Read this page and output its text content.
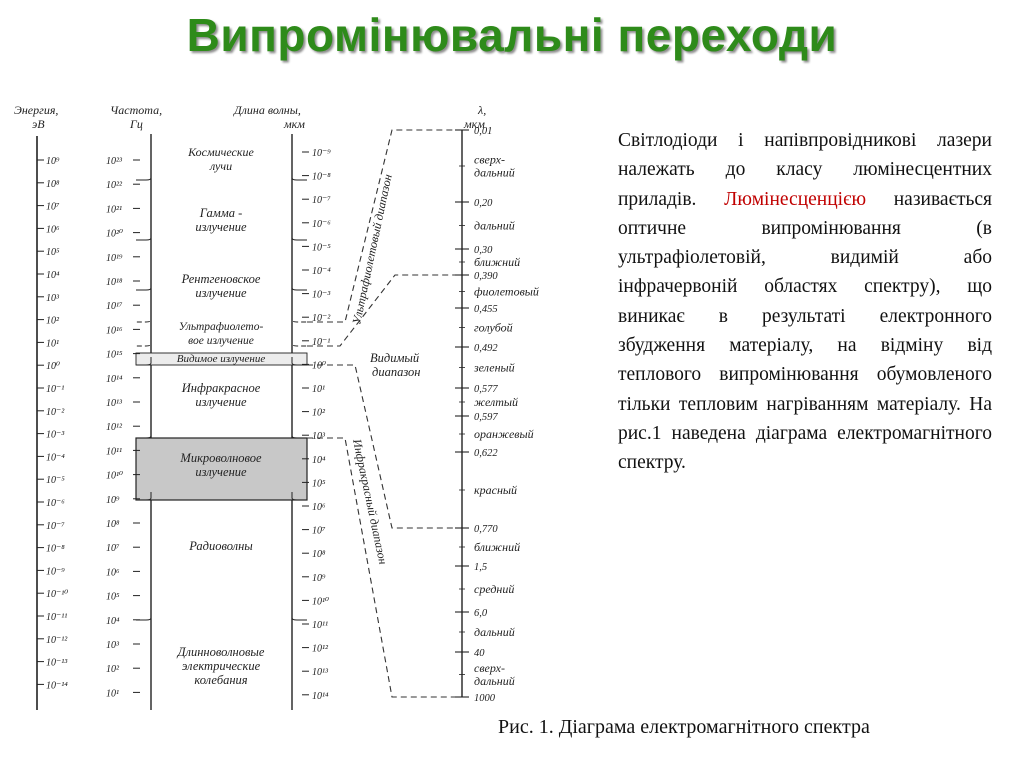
Випромінювальні переходи
Энергия,
эВ
Частота,
Гц
Длина волны,
мкм
λ,
мкм
10⁹
10⁸
10⁷
10⁶
10⁵
10⁴
10³
10²
10¹
10⁰
10⁻¹
10⁻²
10⁻³
10⁻⁴
10⁻⁵
10⁻⁶
10⁻⁷
10⁻⁸
10⁻⁹
10⁻¹⁰
10⁻¹¹
10⁻¹²
10⁻¹³
10⁻¹⁴
10²³
10²²
10²¹
10²⁰
10¹⁹
10¹⁸
10¹⁷
10¹⁶
10¹⁵
10¹⁴
10¹³
10¹²
10¹¹
10¹⁰
10⁹
10⁸
10⁷
10⁶
10⁵
10⁴
10³
10²
10¹
10⁻⁹
10⁻⁸
10⁻⁷
10⁻⁶
10⁻⁵
10⁻⁴
10⁻³
10⁻²
10⁻¹
10⁰
10¹
10²
10³
10⁴
10⁵
10⁶
10⁷
10⁸
10⁹
10¹⁰
10¹¹
10¹²
10¹³
10¹⁴
Космические
лучи
Гамма -
излучение
Рентгеновское
излучение
Ультрафиолето-
вое излучение
Видимое излучение
Инфракрасное
излучение
Микроволновое
излучение
Радиоволны
Длинноволновые
электрические
колебания
Ультрафиолетовый диапазон
Видимый
диапазон
Инфракрасный диапазон
0,01
0,20
0,30
0,390
0,455
0,492
0,577
0,597
0,622
0,770
1,5
6,0
40
1000
сверх-
дальний
дальний
ближний
фиолетовый
голубой
зеленый
желтый
оранжевый
красный
ближний
средний
дальний
сверх-
дальний
Світлодіоди і напівпровідникові лазери належать до класу люмінесцентних приладів. Люмінесценцією називається оптичне випромінювання (в ультрафіолетовій, видимій або інфрачервоній областях спектру), що виникає в результаті електронного збудження матеріалу, на відміну від теплового випромінювання обумовленого тільки тепловим нагріванням матеріалу. На рис.1 наведена діаграма електромагнітного спектру.
Рис. 1. Діаграма електромагнітного спектра
